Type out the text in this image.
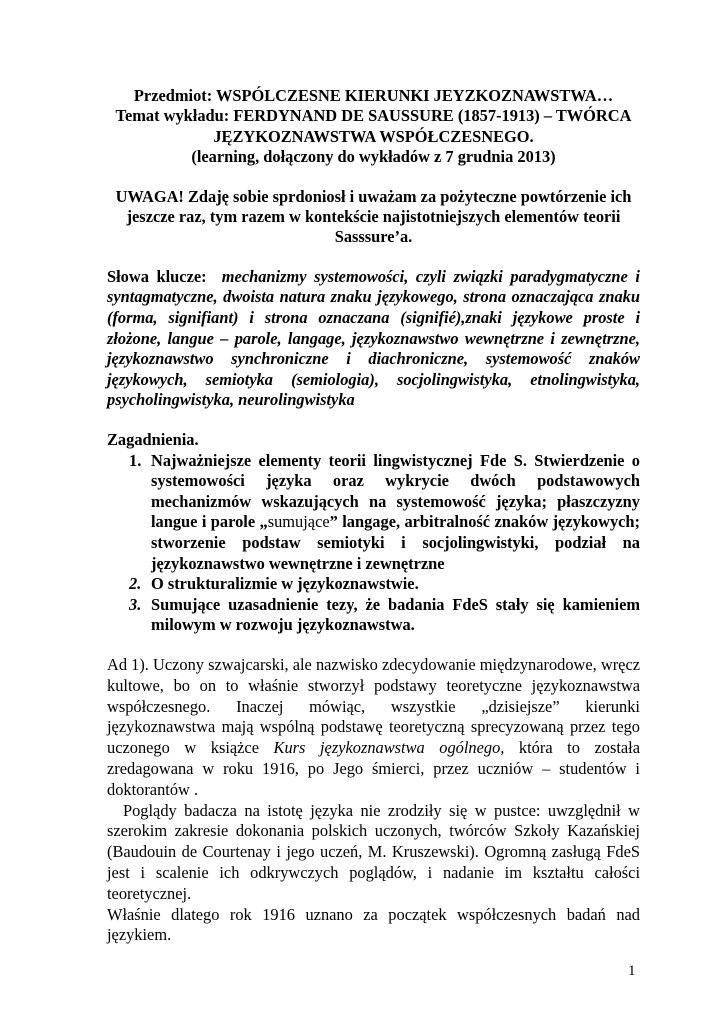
Przedmiot: WSPÓLCZESNE KIERUNKI JEYZKOZNAWSTWA…
Temat wykładu: FERDYNAND DE SAUSSURE (1857-1913) – TWÓRCA
JĘZYKOZNAWSTWA WSPÓŁCZESNEGO.
(learning, dołączony do wykładów z 7 grudnia 2013)
UWAGA! Zdaję sobie sprdoniosł i uważam za pożyteczne powtórzenie ich
jeszcze raz, tym razem w kontekście najistotniejszych elementów teorii
Sasssure’a.
Słowa klucze: mechanizmy systemowości, czyli związki paradygmatyczne i syntagmatyczne, dwoista natura znaku językowego, strona oznaczająca znaku (forma, signifiant) i strona oznaczana (signifié),znaki językowe proste i złożone, langue – parole, langage, językoznawstwo wewnętrzne i zewnętrzne, językoznawstwo synchroniczne i diachroniczne, systemowość znaków językowych, semiotyka (semiologia), socjolingwistyka, etnolingwistyka, psycholingwistyka, neurolingwistyka
Zagadnienia.
1. Najważniejsze elementy teorii lingwistycznej Fde S. Stwierdzenie o systemowości języka oraz wykrycie dwóch podstawowych mechanizmów wskazujących na systemowość języka; płaszczyzny langue i parole „sumujące” langage, arbitralność znaków językowych; stworzenie podstaw semiotyki i socjolingwistyki, podział na językoznawstwo wewnętrzne i zewnętrzne
2. O strukturalizmie w językoznawstwie.
3. Sumujące uzasadnienie tezy, że badania FdeS stały się kamieniem milowym w rozwoju językoznawstwa.
Ad 1). Uczony szwajcarski, ale nazwisko zdecydowanie międzynarodowe, wręcz kultowe, bo on to właśnie stworzył podstawy teoretyczne językoznawstwa współczesnego. Inaczej mówiąc, wszystkie „dzisiejsze” kierunki językoznawstwa mają wspólną podstawę teoretyczną sprecyzowaną przez tego uczonego w książce Kurs językoznawstwa ogólnego, która to została zredagowana w roku 1916, po Jego śmierci, przez uczniów – studentów i doktorantów .
Poglądy badacza na istotę języka nie zrodziły się w pustce: uwzględnił w szerokim zakresie dokonania polskich uczonych, twórców Szkoły Kazańskiej (Baudouin de Courtenay i jego uczeń, M. Kruszewski). Ogromną zasługą FdeS jest i scalenie ich odkrywczych poglądów, i nadanie im kształtu całości teoretycznej.
Właśnie dlatego rok 1916 uznano za początek współczesnych badań nad językiem.
1
